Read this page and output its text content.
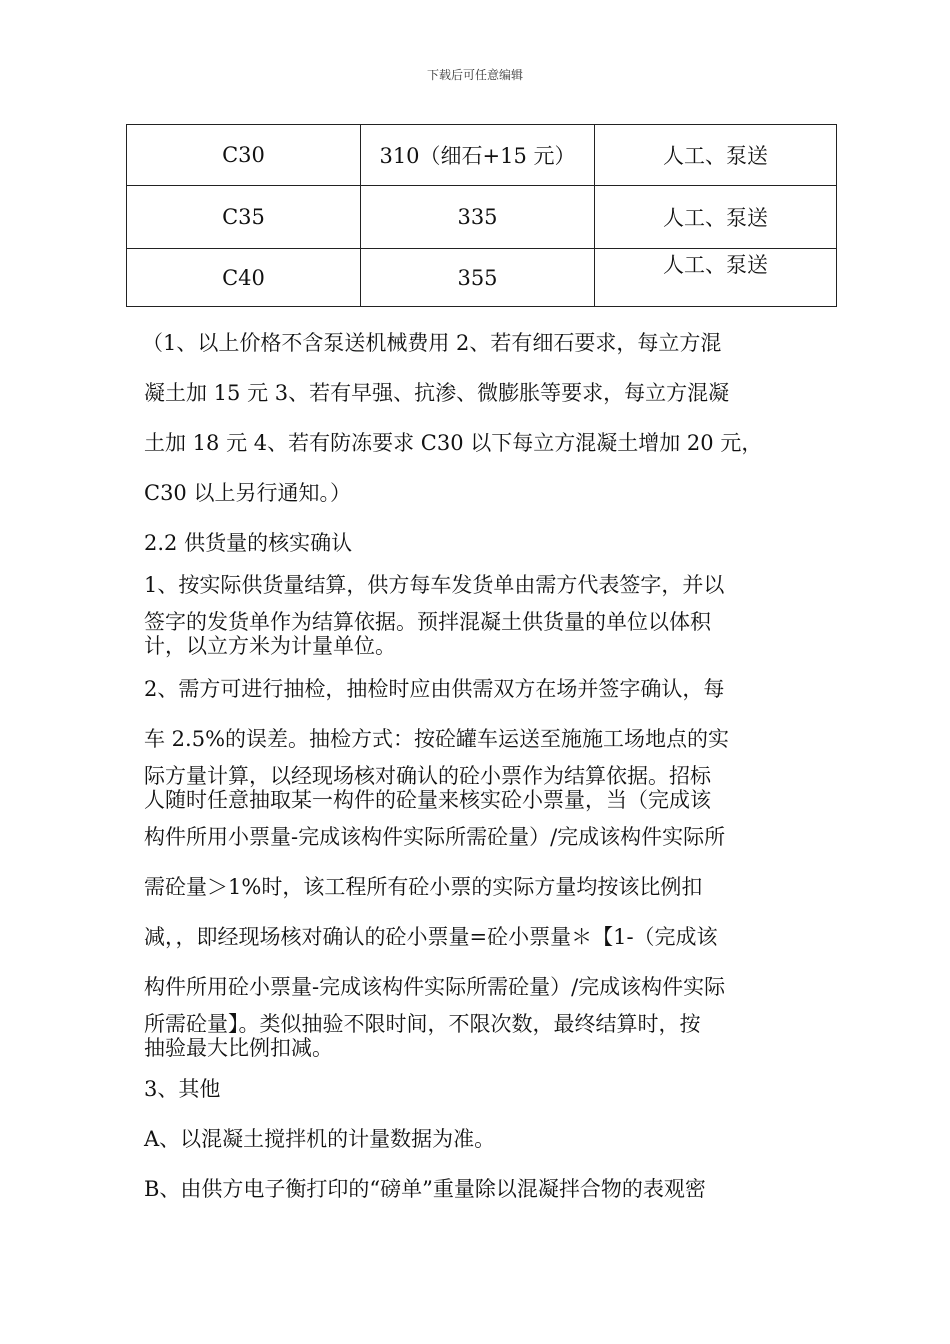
下载后可任意编辑
C30	310（细石+15 元）	人工、泵送
C35	335	人工、泵送
C40	355	人工、泵送

（1、以上价格不含泵送机械费用 2、若有细石要求，每立方混

凝土加 15 元 3、若有早强、抗渗、微膨胀等要求，每立方混凝

土加 18 元 4、若有防冻要求 C30 以下每立方混凝土增加 20 元，

C30 以上另行通知。）

2.2 供货量的核实确认

1、按实际供货量结算，供方每车发货单由需方代表签字，并以

签字的发货单作为结算依据。预拌混凝土供货量的单位以体积

计，以立方米为计量单位。

2、需方可进行抽检，抽检时应由供需双方在场并签字确认，每

车 2.5%的误差。抽检方式：按砼罐车运送至施施工场地点的实

际方量计算，以经现场核对确认的砼小票作为结算依据。招标

人随时任意抽取某一构件的砼量来核实砼小票量，当（完成该

构件所用小票量-完成该构件实际所需砼量）/完成该构件实际所

需砼量＞1%时，该工程所有砼小票的实际方量均按该比例扣

减，，即经现场核对确认的砼小票量=砼小票量＊【1-（完成该

构件所用砼小票量-完成该构件实际所需砼量）/完成该构件实际

所需砼量】。类似抽验不限时间，不限次数，最终结算时，按

抽验最大比例扣减。

3、其他

A、以混凝土搅拌机的计量数据为准。

B、由供方电子衡打印的“磅单”重量除以混凝拌合物的表观密
